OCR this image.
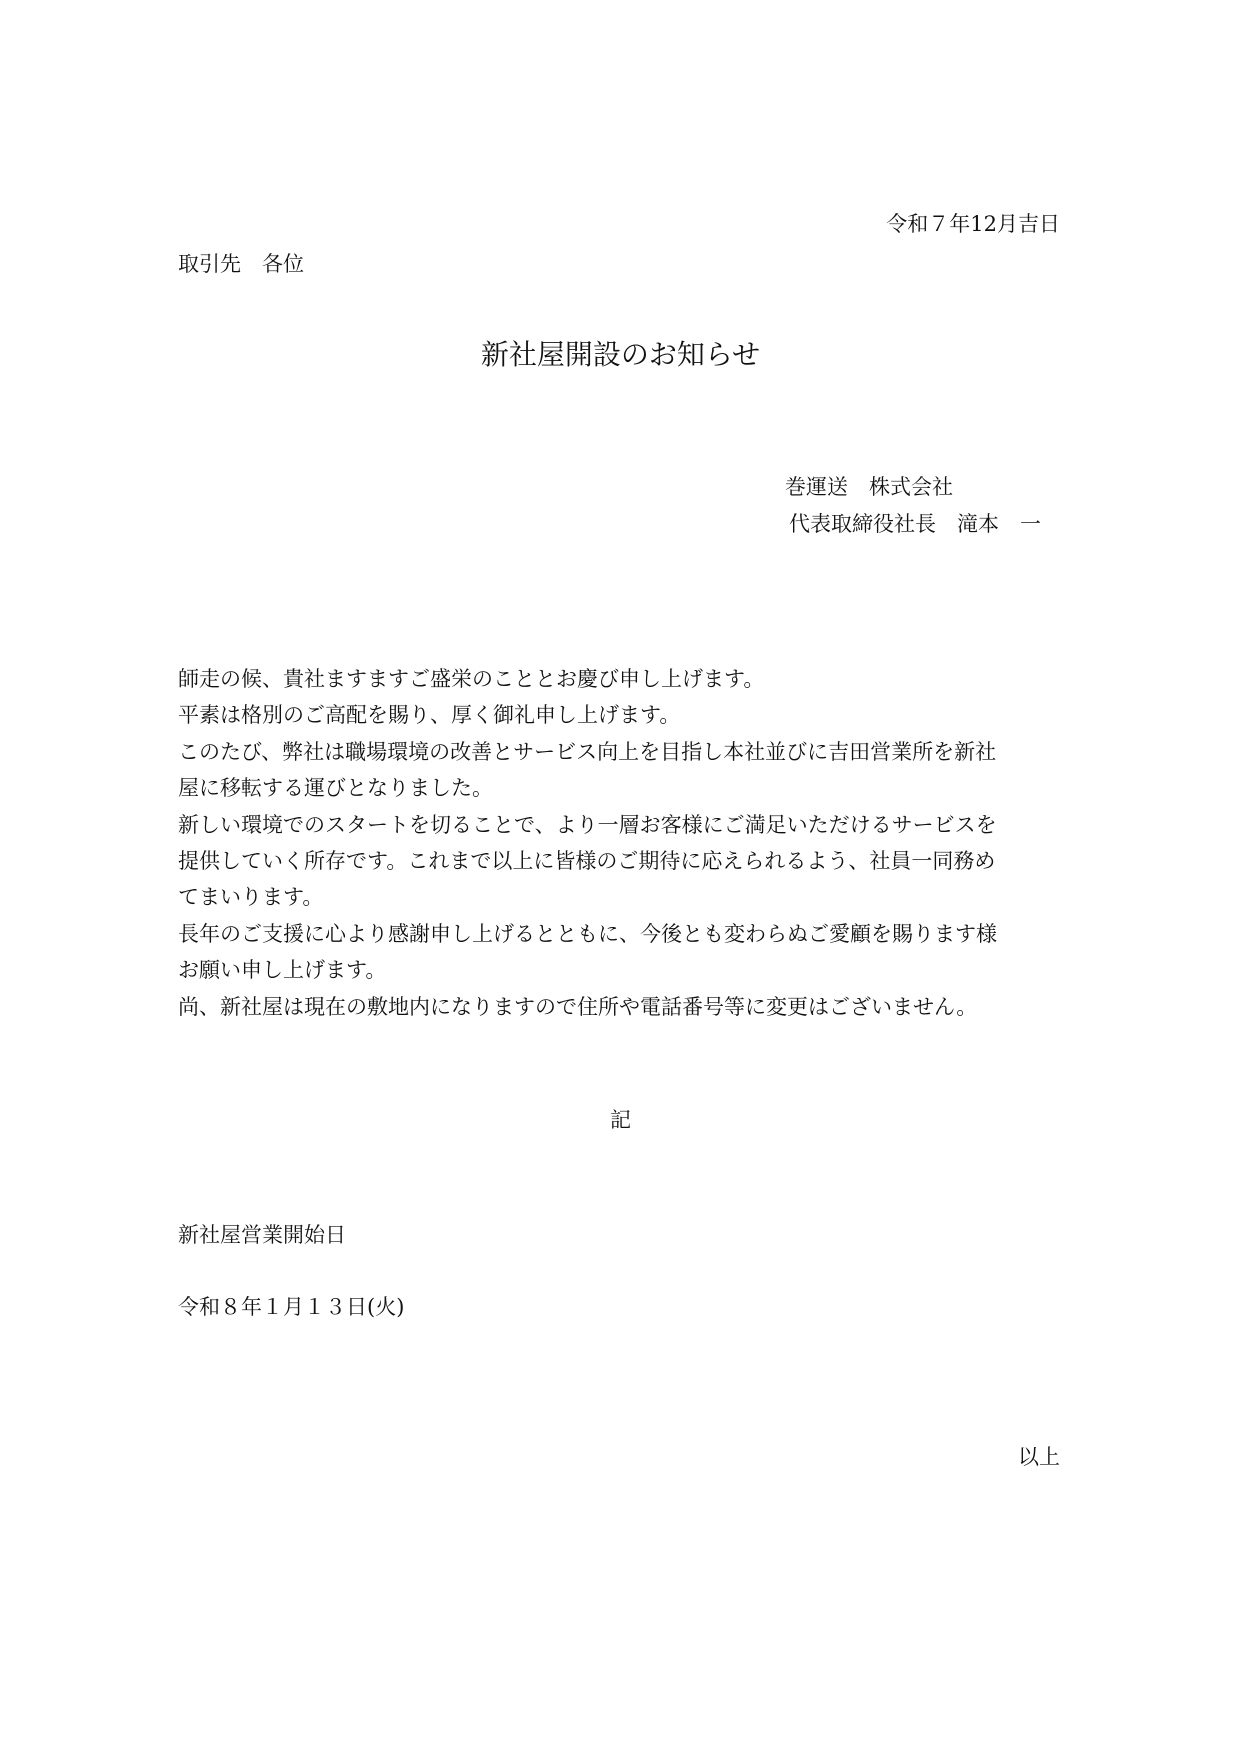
令和７年12月吉日
取引先　各位
新社屋開設のお知らせ
巻運送　株式会社
代表取締役社長　滝本　一
師走の候、貴社ますますご盛栄のこととお慶び申し上げます。
平素は格別のご高配を賜り、厚く御礼申し上げます。
このたび、弊社は職場環境の改善とサービス向上を目指し本社並びに吉田営業所を新社
屋に移転する運びとなりました。
新しい環境でのスタートを切ることで、より一層お客様にご満足いただけるサービスを
提供していく所存です。これまで以上に皆様のご期待に応えられるよう、社員一同務め
てまいります。
長年のご支援に心より感謝申し上げるとともに、今後とも変わらぬご愛顧を賜ります様
お願い申し上げます。
尚、新社屋は現在の敷地内になりますので住所や電話番号等に変更はございません。
記
新社屋営業開始日
令和８年１月１３日(火)
以上
